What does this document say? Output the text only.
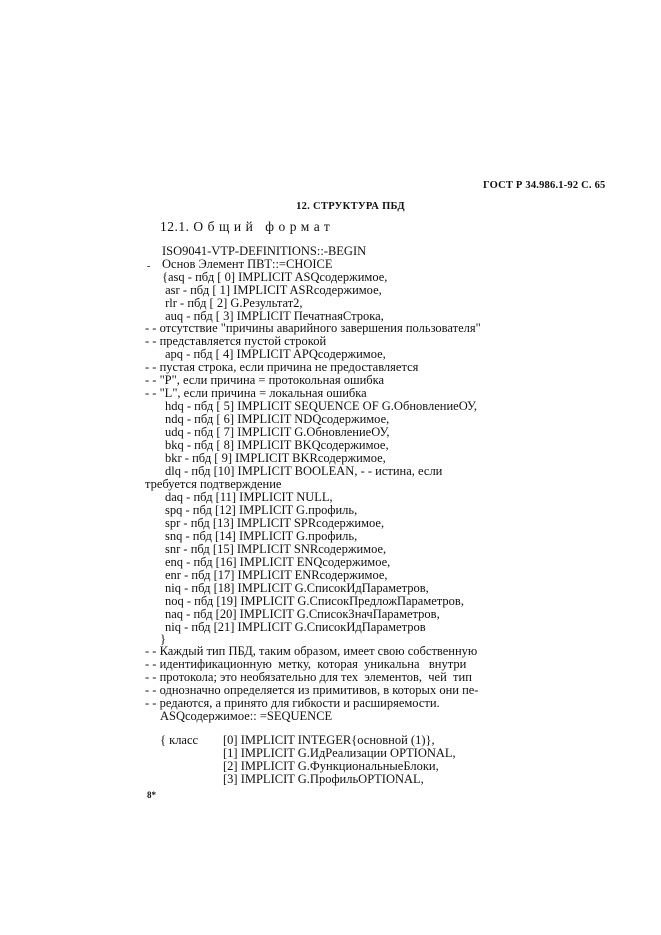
ГОСТ Р 34.986.1-92 С. 65
12. СТРУКТУРА ПБД
12.1. Общий формат
-
ISO9041-VTP-DEFINITIONS::-BEGIN
Основ Элемент ПВТ::=CHOICE
{asq - пбд [ 0] IMPLICIT ASQсодержимое,
asr - пбд [ 1] IMPLICIT ASRсодержимое,
rlr - пбд [ 2] G.Результат2,
auq - пбд [ 3] IMPLICIT ПечатнаяСтрока,
- - отсутствие "причины аварийного завершения пользователя"
- - представляется пустой строкой
apq - пбд [ 4] IMPLICIT APQсодержимое,
- - пустая строка, если причина не предоставляется
- - "P", если причина = протокольная ошибка
- - "L", если причина = локальная ошибка
hdq - пбд [ 5] IMPLICIT SEQUENCE OF G.ОбновлениеОУ,
ndq - пбд [ 6] IMPLICIT NDQсодержимое,
udq - пбд [ 7] IMPLICIT G.ОбновлениеОУ,
bkq - пбд [ 8] IMPLICIT BKQсодержимое,
bkr - пбд [ 9] IMPLICIT BKRсодержимое,
dlq - пбд [10] IMPLICIT BOOLEAN, - - истина, если
требуется подтверждение
daq - пбд [11] IMPLICIT NULL,
spq - пбд [12] IMPLICIT G.профиль,
spr - пбд [13] IMPLICIT SPRсодержимое,
snq - пбд [14] IMPLICIT G.профиль,
snr - пбд [15] IMPLICIT SNRсодержимое,
enq - пбд [16] IMPLICIT ENQсодержимое,
enr - пбд [17] IMPLICIT ENRсодержимое,
niq - пбд [18] IMPLICIT G.СписокИдПараметров,
noq - пбд [19] IMPLICIT G.СписокПредложПараметров,
naq - пбд [20] IMPLICIT G.СписокЗначПараметров,
niq - пбд [21] IMPLICIT G.СписокИдПараметров
}
- - Каждый тип ПБД, таким образом, имеет свою собственную
- - идентификационную  метку,  которая  уникальна   внутри
- - протокола; это необязательно для тех  элементов,  чей  тип
- - однозначно определяется из примитивов, в которых они пе-
- - редаются, а принято для гибкости и расширяемости.
ASQсодержимое:: =SEQUENCE
{ класс [0] IMPLICIT INTEGER{основной (1)},
[1] IMPLICIT G.ИдРеализации OPTIONAL,
[2] IMPLICIT G.ФункциональныеБлоки,
[3] IMPLICIT G.ПрофильOPTIONAL,
8*
